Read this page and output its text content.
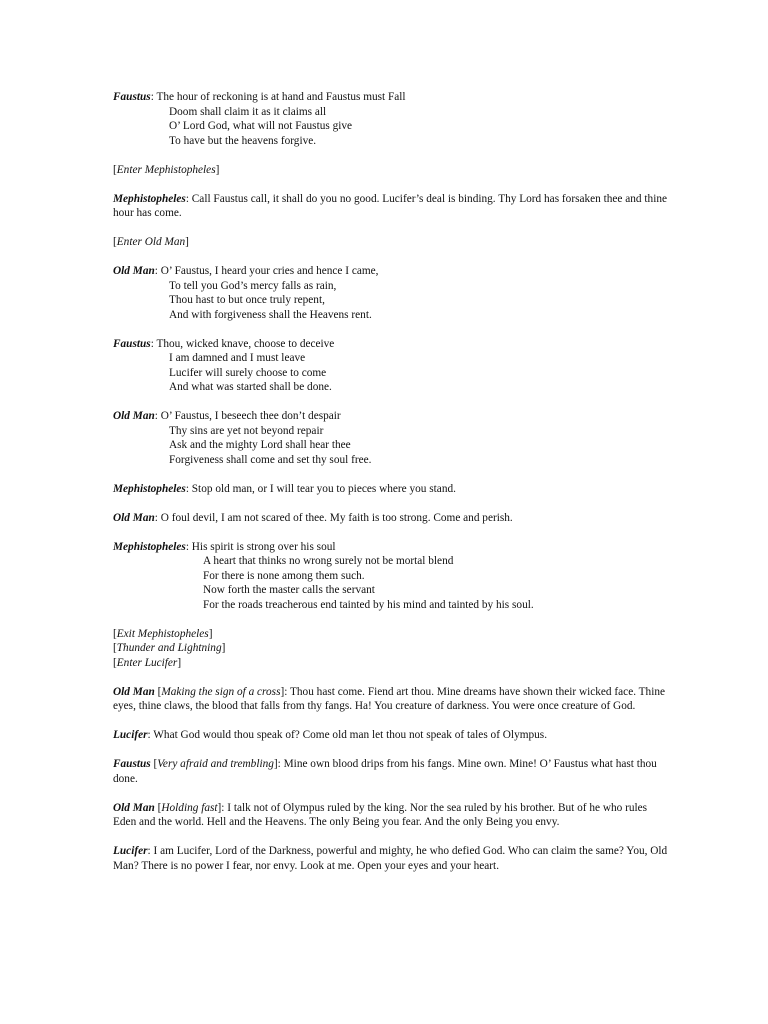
Faustus: The hour of reckoning is at hand and Faustus must Fall
Doom shall claim it as it claims all
O’ Lord God, what will not Faustus give
To have but the heavens forgive.
[Enter Mephistopheles]
Mephistopheles: Call Faustus call, it shall do you no good. Lucifer’s deal is binding. Thy Lord has forsaken thee and thine hour has come.
[Enter Old Man]
Old Man: O’ Faustus, I heard your cries and hence I came,
To tell you God’s mercy falls as rain,
Thou hast to but once truly repent,
And with forgiveness shall the Heavens rent.
Faustus: Thou, wicked knave, choose to deceive
I am damned and I must leave
Lucifer will surely choose to come
And what was started shall be done.
Old Man: O’ Faustus, I beseech thee don’t despair
Thy sins are yet not beyond repair
Ask and the mighty Lord shall hear thee
Forgiveness shall come and set thy soul free.
Mephistopheles: Stop old man, or I will tear you to pieces where you stand.
Old Man: O foul devil, I am not scared of thee. My faith is too strong. Come and perish.
Mephistopheles: His spirit is strong over his soul
A heart that thinks no wrong surely not be mortal blend
For there is none among them such.
Now forth the master calls the servant
For the roads treacherous end tainted by his mind and tainted by his soul.
[Exit Mephistopheles]
[Thunder and Lightning]
[Enter Lucifer]
Old Man [Making the sign of a cross]: Thou hast come. Fiend art thou. Mine dreams have shown their wicked face. Thine eyes, thine claws, the blood that falls from thy fangs. Ha! You creature of darkness. You were once creature of God.
Lucifer: What God would thou speak of? Come old man let thou not speak of tales of Olympus.
Faustus [Very afraid and trembling]: Mine own blood drips from his fangs. Mine own. Mine! O’ Faustus what hast thou done.
Old Man [Holding fast]: I talk not of Olympus ruled by the king. Nor the sea ruled by his brother. But of he who rules Eden and the world. Hell and the Heavens. The only Being you fear. And the only Being you envy.
Lucifer: I am Lucifer, Lord of the Darkness, powerful and mighty, he who defied God. Who can claim the same? You, Old Man? There is no power I fear, nor envy. Look at me. Open your eyes and your heart.
